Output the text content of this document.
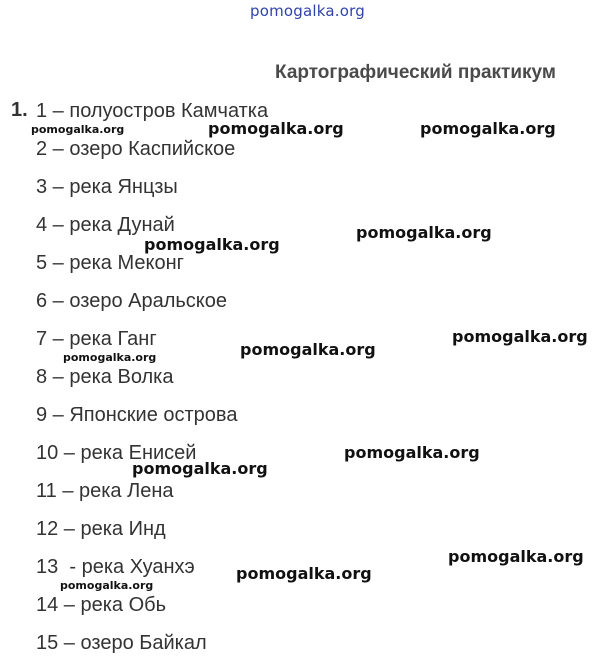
pomogalka.org
Картографический практикум
1. 1 – полуостров Камчатка
2 – озеро Каспийское
3 – река Янцзы
4 – река Дунай
5 – река Меконг
6 – озеро Аральское
7 – река Ганг
8 – река Волка
9 – Японские острова
10 – река Енисей
11 – река Лена
12 – река Инд
13  - река Хуанхэ
14 – река Обь
15 – озеро Байкал
pomogalka.org	pomogalka.org	pomogalka.org
pomogalka.org
pomogalka.org
pomogalka.org
pomogalka.org	pomogalka.org
pomogalka.org
pomogalka.org
pomogalka.org
pomogalka.org
pomogalka.org
